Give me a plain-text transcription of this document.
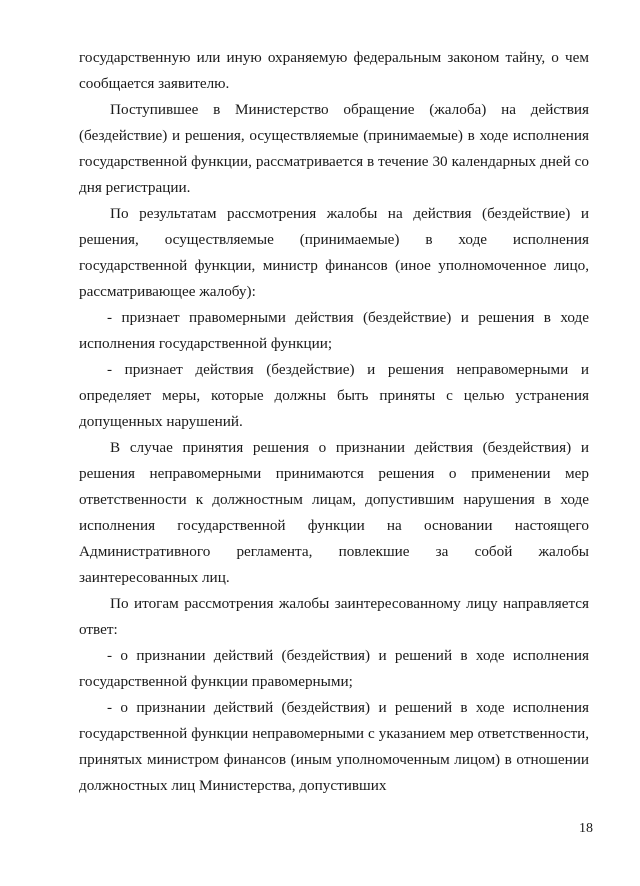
государственную или иную охраняемую федеральным законом тайну, о чем сообщается заявителю.

Поступившее в Министерство обращение (жалоба) на действия (бездействие) и решения, осуществляемые (принимаемые) в ходе исполнения государственной функции, рассматривается в течение 30 календарных дней со дня регистрации.

По результатам рассмотрения жалобы на действия (бездействие) и решения, осуществляемые (принимаемые) в ходе исполнения государственной функции, министр финансов (иное уполномоченное лицо, рассматривающее жалобу):

- признает правомерными действия (бездействие) и решения в ходе исполнения государственной функции;

- признает действия (бездействие) и решения неправомерными и определяет меры, которые должны быть приняты с целью устранения допущенных нарушений.

В случае принятия решения о признании действия (бездействия) и решения неправомерными принимаются решения о применении мер ответственности к должностным лицам, допустившим нарушения в ходе исполнения государственной функции на основании настоящего Административного регламента, повлекшие за собой жалобы заинтересованных лиц.

По итогам рассмотрения жалобы заинтересованному лицу направляется ответ:

- о признании действий (бездействия) и решений в ходе исполнения государственной функции правомерными;

- о признании действий (бездействия) и решений в ходе исполнения государственной функции неправомерными с указанием мер ответственности, принятых министром финансов (иным уполномоченным лицом) в отношении должностных лиц Министерства, допустивших

18
